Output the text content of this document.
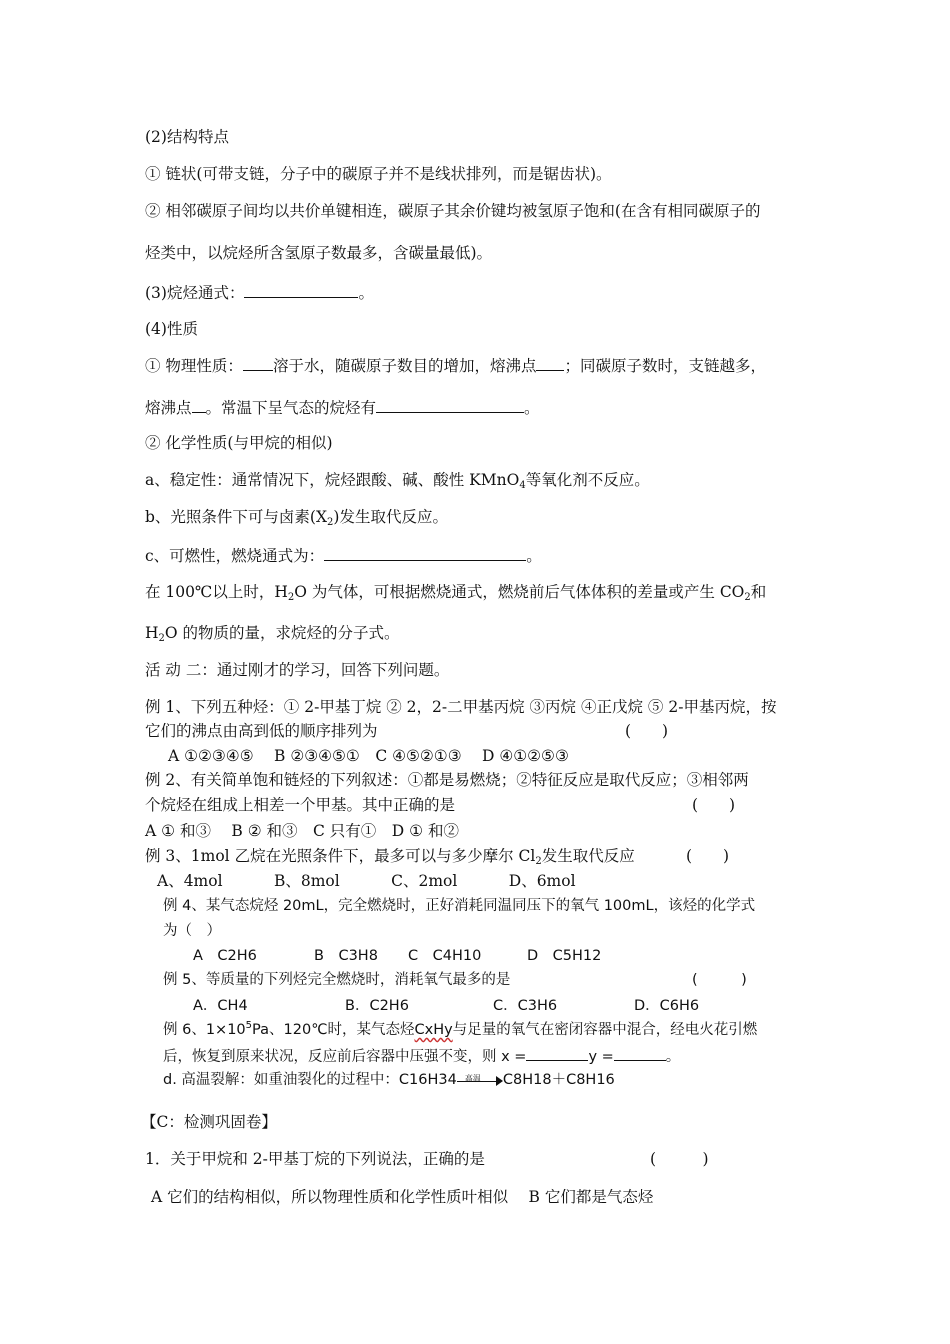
(2)结构特点
① 链状(可带支链，分子中的碳原子并不是线状排列，而是锯齿状)。
② 相邻碳原子间均以共价单键相连，碳原子其余价键均被氢原子饱和(在含有相同碳原子的
烃类中，以烷烃所含氢原子数最多，含碳量最低)。
(3)烷烃通式：	。
(4)性质
① 物理性质： 溶于水，随碳原子数目的增加，熔沸点 ；同碳原子数时，支链越多，
熔沸点 。常温下呈气态的烷烃有	。
② 化学性质(与甲烷的相似)
a、稳定性：通常情况下，烷烃跟酸、碱、酸性 KMnO$_4$等氧化剂不反应。
b、光照条件下可与卤素$(X_2)$发生取代反应。
c、可燃性，燃烧通式为：	。
在 100℃以上时，$H_2O$ 为气体，可根据燃烧通式，燃烧前后气体体积的差量或产生 $CO_2$和
$H_2O$ 的物质的量，求烷烃的分子式。
活 动 二：通过刚才的学习，回答下列问题。
例 1、下列五种烃：① 2-甲基丁烷 ② 2，2-二甲基丙烷 ③丙烷 ④正戊烷 ⑤ 2-甲基丙烷，按
它们的沸点由高到低的顺序排列为	(　　)
A ①②③④⑤　 B ②③④⑤①　C ④⑤②①③　 D ④①②⑤③
例 2、有关简单饱和链烃的下列叙述：①都是易燃烧；②特征反应是取代反应；③相邻两
个烷烃在组成上相差一个甲基。其中正确的是	(　　)
A ① 和③　 B ② 和③　C 只有①　D ① 和②
例 3、1mol 乙烷在光照条件下，最多可以与多少摩尔 $Cl_2$发生取代反应	(　　)
A、4mol　　　 B、8mol　　　 C、2mol　　　 D、6mol
例 4、某气态烷烃 20mL，完全燃烧时，正好消耗同温同压下的氧气 100mL，该烃的化学式
为（　）
A　C2H6	B　C3H8 C　C4H10	D　C5H12
例 5、等质量的下列烃完全燃烧时，消耗氧气最多的是	(　　　)
A．CH4	B．C2H6	C．C3H6	D．C6H6
例 6、$1\times 10^5Pa$、120℃时，某气态烃CxHy与足量的氧气在密闭容器中混合，经电火花引燃
后，恢复到原来状况，反应前后容器中压强不变，则 x =	y =	。
d. 高温裂解：如重油裂化的过程中：C16H34 高温 C8H18＋C8H16
【C：检测巩固卷】
1．关于甲烷和 2-甲基丁烷的下列说法，正确的是	(　　　)
A 它们的结构相似，所以物理性质和化学性质叶相似　 B 它们都是气态烃
